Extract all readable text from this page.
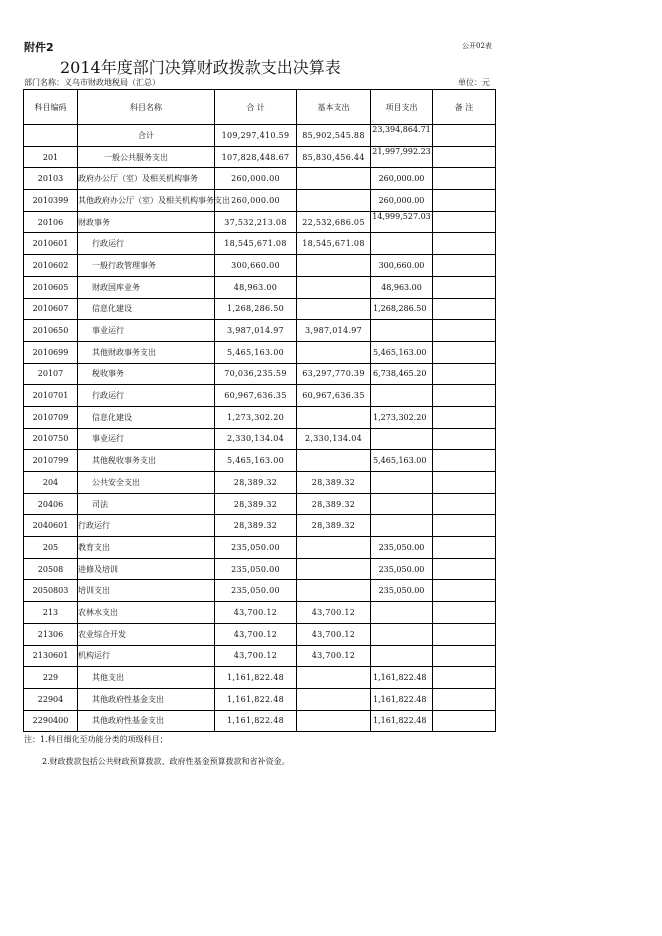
附件2	公开02表
2014年度部门决算财政拨款支出决算表
部门名称：义乌市财政地税局（汇总）	单位：元
科目编码	科目名称	合 计	基本支出	项目支出	备 注
	合计	109,297,410.59	85,902,545.88	23,394,864.71	
201	一般公共服务支出	107,828,448.67	85,830,456.44	21,997,992.23	
20103	政府办公厅（室）及相关机构事务	260,000.00		260,000.00	
2010399	其他政府办公厅（室）及相关机构事务支出	260,000.00		260,000.00	
20106	财政事务	37,532,213.08	22,532,686.05	14,999,527.03	
2010601	行政运行	18,545,671.08	18,545,671.08		
2010602	一般行政管理事务	300,660.00		300,660.00	
2010605	财政国库业务	48,963.00		48,963.00	
2010607	信息化建设	1,268,286.50		1,268,286.50	
2010650	事业运行	3,987,014.97	3,987,014.97		
2010699	其他财政事务支出	5,465,163.00		5,465,163.00	
20107	税收事务	70,036,235.59	63,297,770.39	6,738,465.20	
2010701	行政运行	60,967,636.35	60,967,636.35		
2010709	信息化建设	1,273,302.20		1,273,302.20	
2010750	事业运行	2,330,134.04	2,330,134.04		
2010799	其他税收事务支出	5,465,163.00		5,465,163.00	
204	公共安全支出	28,389.32	28,389.32		
20406	司法	28,389.32	28,389.32		
2040601	行政运行	28,389.32	28,389.32		
205	教育支出	235,050.00		235,050.00	
20508	进修及培训	235,050.00		235,050.00	
2050803	培训支出	235,050.00		235,050.00	
213	农林水支出	43,700.12	43,700.12		
21306	农业综合开发	43,700.12	43,700.12		
2130601	机构运行	43,700.12	43,700.12		
229	其他支出	1,161,822.48		1,161,822.48	
22904	其他政府性基金支出	1,161,822.48		1,161,822.48	
2290400	其他政府性基金支出	1,161,822.48		1,161,822.48	
注：1.科目细化至功能分类的项级科目；
2.财政拨款包括公共财政预算拨款、政府性基金预算拨款和省补资金。
